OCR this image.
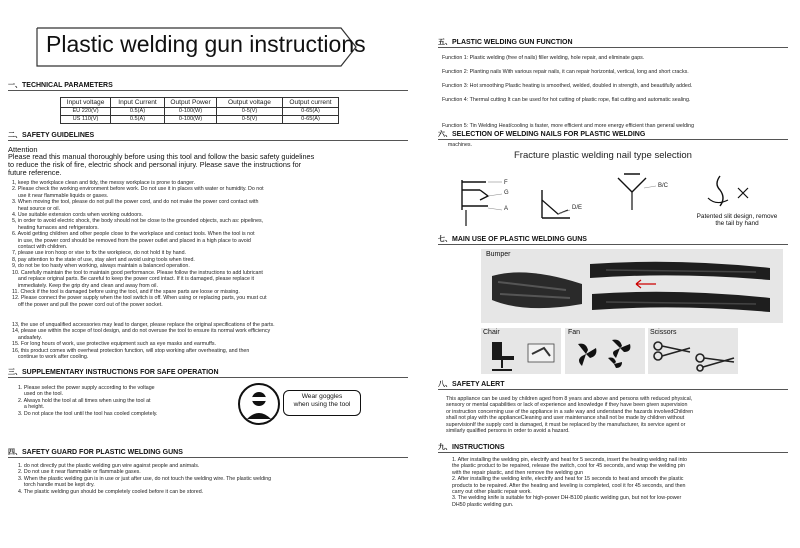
Plastic welding gun instructions
一、TECHNICAL PARAMETERS
Input voltage	Input Current	Output Power	Output voltage	Output current
EU 220(V)	0.5(A)	0-100(W)	0-5(V)	0-65(A)
US 110(V)	0.5(A)	0-100(W)	0-5(V)	0-65(A)
二、SAFETY GUIDELINES
Attention
Please read this manual thoroughly before using this tool and follow the basic safety guidelines
to reduce the risk of fire, electric shock and personal injury. Please save the instructions for
future reference.
1, keep the workplace clean and tidy, the messy workplace is prone to danger.
2. Please check the working environment before work. Do not use it in places with water or humidity. Do not
use it near flammable liquids or gases.
3. When moving the tool, please do not pull the power cord, and do not make the power cord contact with
heat source or oil.
4. Use suitable extension cords when working outdoors.
5, in order to avoid electric shock, the body should not be close to the grounded objects, such as: pipelines,
heating furnaces and refrigerators.
6. Avoid getting children and other people close to the workplace and contact tools. When the tool is not
in use, the power cord should be removed from the power outlet and placed in a high place to avoid
contact with children.
7, please use iron hoop or vise to fix the workpiece, do not hold it by hand.
8, pay attention to the state of use, stay alert and avoid using tools when tired.
9, do not be too hasty when working, always maintain a balanced operation.
10. Carefully maintain the tool to maintain good performance. Please follow the instructions to add lubricant
and replace original parts. Be careful to keep the power cord intact. If it is damaged, please replace it
immediately. Keep the grip dry and clean and away from oil.
11. Check if the tool is damaged before using the tool, and if the spare parts are loose or missing.
12. Please connect the power supply when the tool switch is off. When using or replacing parts, you must cut
off the power and pull the power cord out of the power socket.
13, the use of unqualified accessories may lead to danger, please replace the original specifications of the parts.
14, please use within the scope of tool design, and do not overuse the tool to ensure its normal work efficiency
andsafety.
15. For long hours of work, use protective equipment such as eye masks and earmuffs.
16, this product comes with overheat protection function, will stop working after overheating, and then
continue to work after cooling.
三、SUPPLEMENTARY INSTRUCTIONS FOR SAFE OPERATION
1. Please select the power supply according to the voltage
used on the tool.
2. Always hold the tool at all times when using the tool at
a height.
3. Do not place the tool until the tool has cooled completely.
Wear goggles
when using the tool
四、SAFETY GUARD FOR PLASTIC WELDING GUNS
1. do not directly put the plastic welding gun wire against people and animals.
2. Do not use it near flammable or flammable gases.
3. When the plastic welding gun is in use or just after use, do not touch the welding wire. The plastic welding
torch handle must be kept dry.
4. The plastic welding gun should be completely cooled before it can be stored.
五、PLASTIC WELDING GUN FUNCTION
Function 1: Plastic welding (free of nails) filler welding, hole repair, and eliminate gaps.
Function 2: Planting nails With various repair nails, it can repair horizontal, vertical, long and short cracks.
Function 3: Hot smoothing Plastic heating is smoothed, welded, doubled in strength, and beautifully added.
Function 4: Thermal cutting It can be used for hot cutting of plastic rope, flat cutting and automatic sealing.

Function 5: Tin Welding Heat/cooling is faster, more efficient and more energy efficient than general welding

machines.

六、SELECTION OF WELDING NAILS FOR PLASTIC WELDING
Fracture plastic welding nail type selection
F
G
A	D/E
B/C
Patented slit design, remove
the tail by hand
七、MAIN USE OF PLASTIC WELDING GUNS
Bumper
Chair	Fan	Scissors
八、SAFETY ALERT
This appliance can be used by children aged from 8 years and above and persons with reduced physical,
sensory or mental capabilities or lack of experience and knowledge if they have been given supervision
or instruction concerning use of the appliance in a safe way and understand the hazards involvedChildren
shall not play with the applianceCleaning and user maintenance shall not be made by children without
supervisionIf the supply cord is damaged, it must be replaced by the manufacturer, its service agent or
similarly qualified persons in order to avoid a hazard.
九、INSTRUCTIONS
1. After installing the welding pin, electrify and heat for 5 seconds, insert the heating welding nail into
the plastic product to be repaired, release the switch, cool for 45 seconds, and wrap the welding pin
with the repair plastic, and then remove the welding gun
2. After installing the welding knife, electrify and heat for 15 seconds to heat and smooth the plastic
products to be repaired. After the heating and leveling is completed, cool it for 45 seconds, and then
carry out other plastic repair work.
3. The welding knife is suitable for high-power DH-B100 plastic welding gun, but not for low-power
DH50 plastic welding gun.
